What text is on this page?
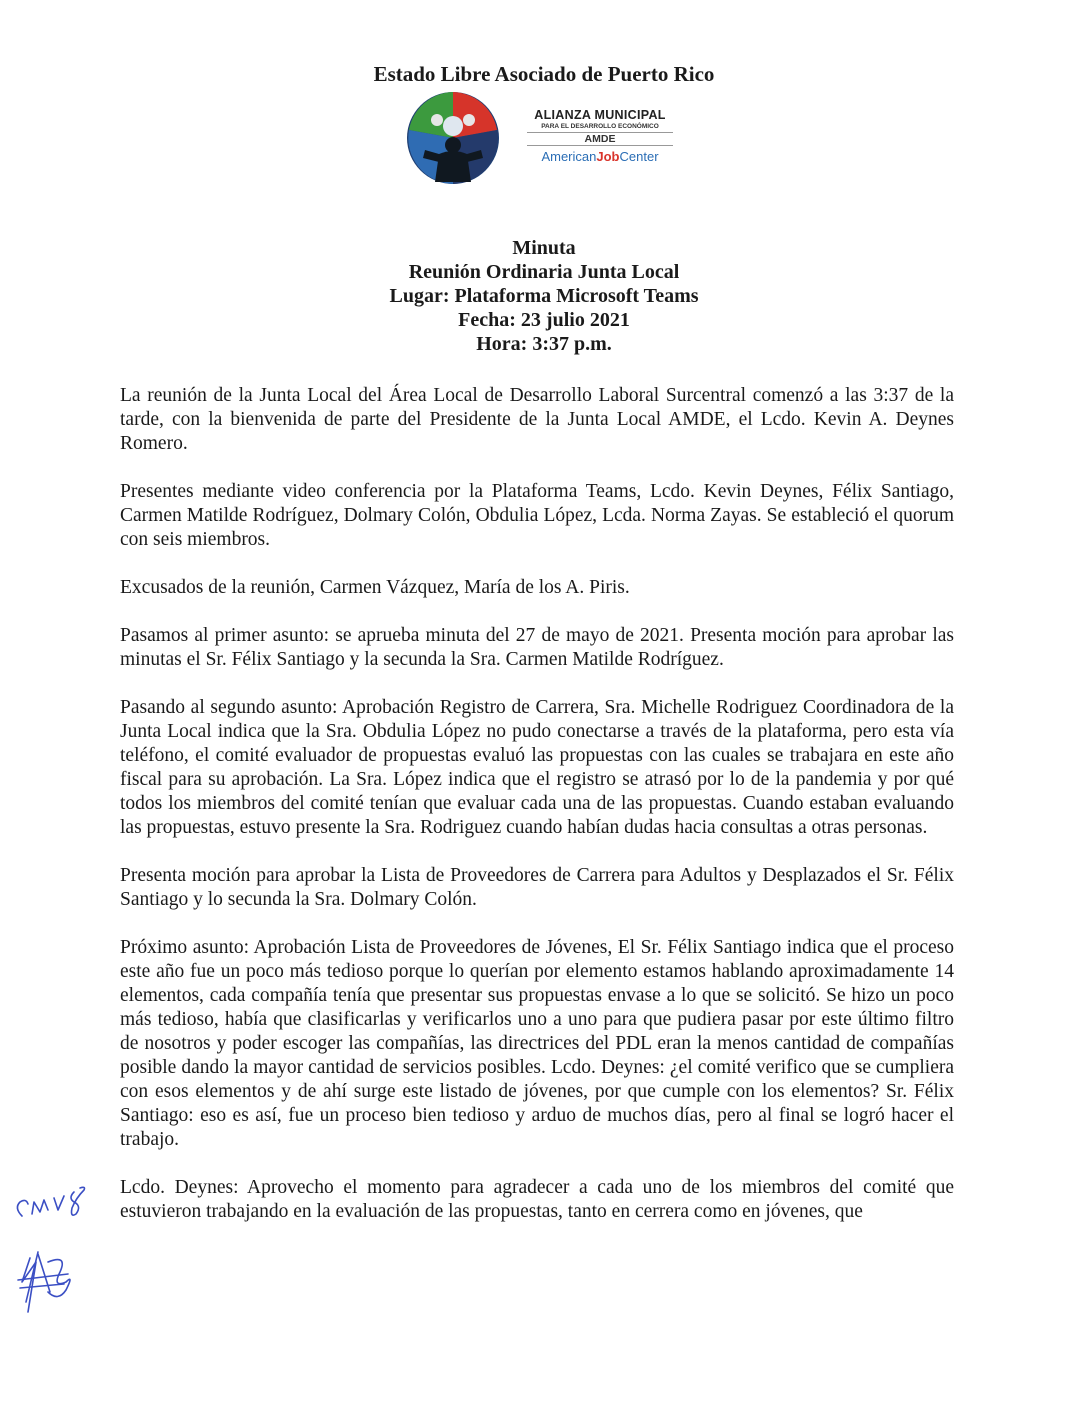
Estado Libre Asociado de Puerto Rico
ALIANZA MUNICIPAL
PARA EL DESARROLLO ECONÓMICO
AMDE
AmericanJobCenter
Minuta
Reunión Ordinaria Junta Local
Lugar: Plataforma Microsoft Teams
Fecha: 23 julio 2021
Hora: 3:37 p.m.

La reunión de la Junta Local del Área Local de Desarrollo Laboral Surcentral comenzó a las 3:37 de la tarde, con la bienvenida de parte del Presidente de la Junta Local AMDE, el Lcdo. Kevin A. Deynes Romero.

Presentes mediante video conferencia por la Plataforma Teams, Lcdo. Kevin Deynes, Félix Santiago, Carmen Matilde Rodríguez, Dolmary Colón, Obdulia López, Lcda. Norma Zayas. Se estableció el quorum con seis miembros.

Excusados de la reunión, Carmen Vázquez, María de los A. Piris.

Pasamos al primer asunto: se aprueba minuta del 27 de mayo de 2021. Presenta moción para aprobar las minutas el Sr. Félix Santiago y la secunda la Sra. Carmen Matilde Rodríguez.

Pasando al segundo asunto: Aprobación Registro de Carrera, Sra. Michelle Rodriguez Coordinadora de la Junta Local indica que la Sra. Obdulia López no pudo conectarse a través de la plataforma, pero esta vía teléfono, el comité evaluador de propuestas evaluó las propuestas con las cuales se trabajara en este año fiscal para su aprobación. La Sra. López indica que el registro se atrasó por lo de la pandemia y por qué todos los miembros del comité tenían que evaluar cada una de las propuestas. Cuando estaban evaluando las propuestas, estuvo presente la Sra. Rodriguez cuando habían dudas hacia consultas a otras personas.

Presenta moción para aprobar la Lista de Proveedores de Carrera para Adultos y Desplazados el Sr. Félix Santiago y lo secunda la Sra. Dolmary Colón.

Próximo asunto: Aprobación Lista de Proveedores de Jóvenes, El Sr. Félix Santiago indica que el proceso este año fue un poco más tedioso porque lo querían por elemento estamos hablando aproximadamente 14 elementos, cada compañía tenía que presentar sus propuestas envase a lo que se solicitó. Se hizo un poco más tedioso, había que clasificarlas y verificarlos uno a uno para que pudiera pasar por este último filtro de nosotros y poder escoger las compañías, las directrices del PDL eran la menos cantidad de compañías posible dando la mayor cantidad de servicios posibles. Lcdo. Deynes: ¿el comité verifico que se cumpliera con esos elementos y de ahí surge este listado de jóvenes, por que cumple con los elementos? Sr. Félix Santiago: eso es así, fue un proceso bien tedioso y arduo de muchos días, pero al final se logró hacer el trabajo.

Lcdo. Deynes: Aprovecho el momento para agradecer a cada uno de los miembros del comité que estuvieron trabajando en la evaluación de las propuestas, tanto en cerrera como en jóvenes, que
